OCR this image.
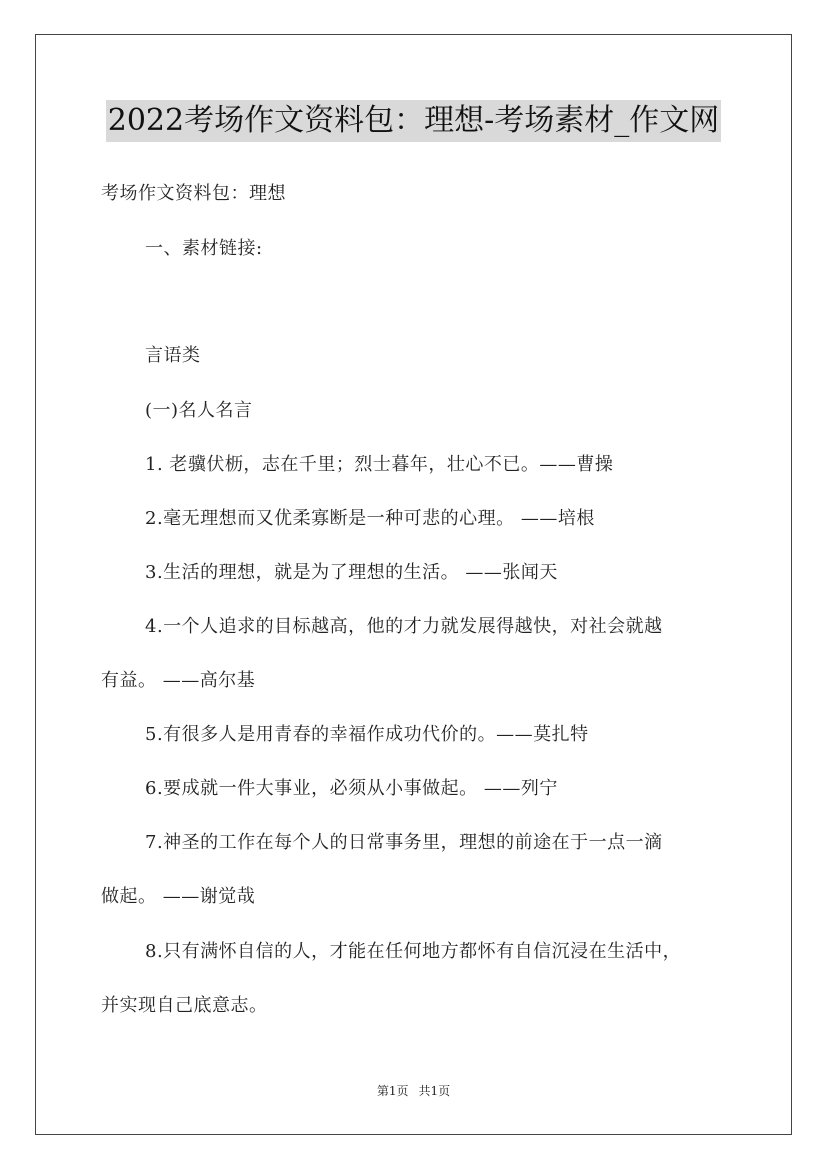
2022考场作文资料包：理想-考场素材_作文网
考场作文资料包：理想
一、素材链接:
言语类
(一)名人名言
1. 老骥伏枥，志在千里；烈士暮年，壮心不已。——曹操
2.毫无理想而又优柔寡断是一种可悲的心理。 ——培根
3.生活的理想，就是为了理想的生活。 ——张闻天
4.一个人追求的目标越高，他的才力就发展得越快，对社会就越
有益。 ——高尔基
5.有很多人是用青春的幸福作成功代价的。——莫扎特
6.要成就一件大事业，必须从小事做起。 ——列宁
7.神圣的工作在每个人的日常事务里，理想的前途在于一点一滴
做起。 ——谢觉哉
8.只有满怀自信的人，才能在任何地方都怀有自信沉浸在生活中，
并实现自己底意志。
第1页 共1页
